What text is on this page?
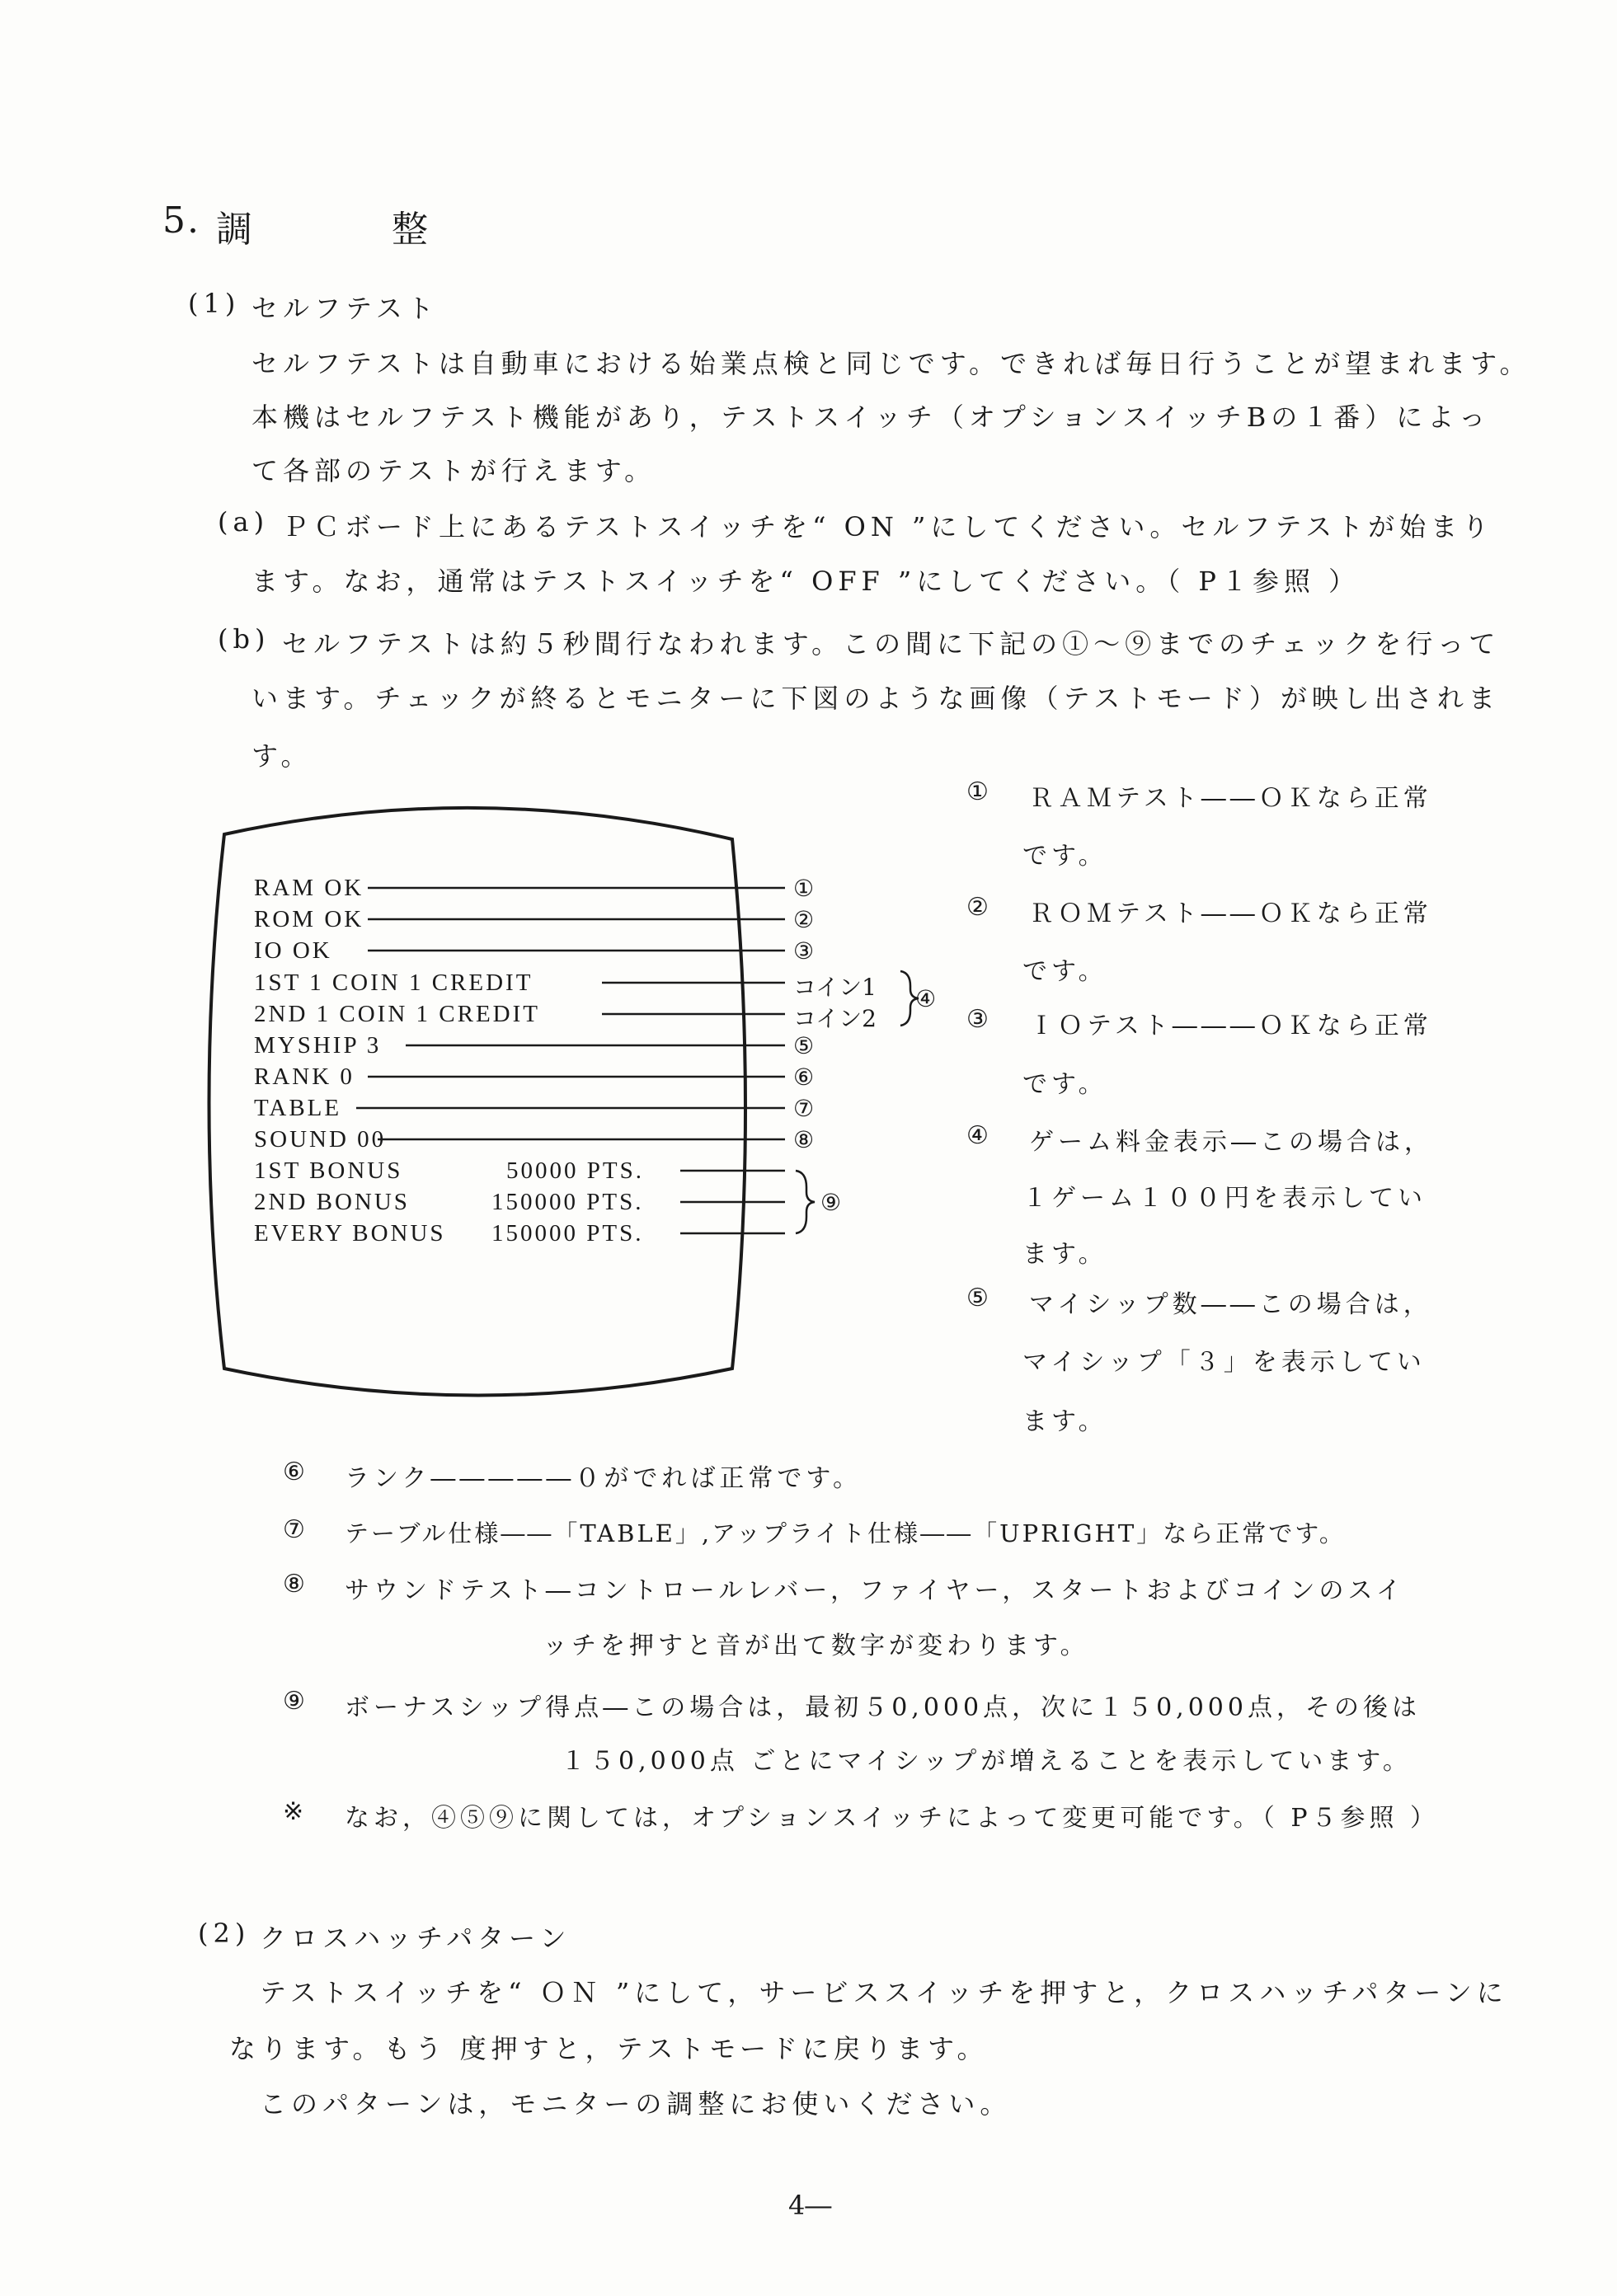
5. 調	整
(1) セルフテスト
セルフテストは自動車における始業点検と同じです。できれば毎日行うことが望まれます。
本機はセルフテスト機能があり，テストスイッチ（オプションスイッチBの１番）によっ
て各部のテストが行えます。
(a) ＰＣボード上にあるテストスイッチを“ ON ”にしてください。セルフテストが始まり
ます。なお，通常はテストスイッチを“ OFF ”にしてください。（ P１参照 ）
(b) セルフテストは約５秒間行なわれます。この間に下記の①〜⑨までのチェックを行って
います。チェックが終るとモニターに下図のような画像（テストモード）が映し出されま
す。
RAM OK
ROM OK
IO OK
1ST 1 COIN 1 CREDIT
2ND 1 COIN 1 CREDIT
MYSHIP 3
RANK 0
TABLE
SOUND 00
1ST BONUS
2ND BONUS
EVERY BONUS
50000 PTS.
150000 PTS.
150000 PTS.
①
②
③
コイン1
コイン2
⑤
⑥
⑦
⑧
④
⑨
① ＲＡＭテスト――ＯＫなら正常
です。
② ＲＯＭテスト――ＯＫなら正常
です。
③ ＩＯテスト―――ＯＫなら正常
です。
④ ゲーム料金表示―この場合は，
１ゲーム１００円を表示してい
ます。
⑤ マイシップ数――この場合は，
マイシップ「３」を表示してい
ます。
⑥ ランク―――――０がでれば正常です。
⑦ テーブル仕様――「TABLE」,アップライト仕様――「UPRIGHT」なら正常です。
⑧ サウンドテスト―コントロールレバー，ファイヤー，スタートおよびコインのスイ
ッチを押すと音が出て数字が変わります。
⑨ ボーナスシップ得点―この場合は，最初５0,000点，次に１５0,000点，その後は
１５0,000点 ごとにマイシップが増えることを表示しています。
※ なお，④⑤⑨に関しては，オプションスイッチによって変更可能です。（ P５参照 ）
(2) クロスハッチパターン
テストスイッチを“ ＯＮ ”にして，サービススイッチを押すと，クロスハッチパターンに
なります。もう 度押すと，テストモードに戻ります。
このパターンは，モニターの調整にお使いください。
4―
